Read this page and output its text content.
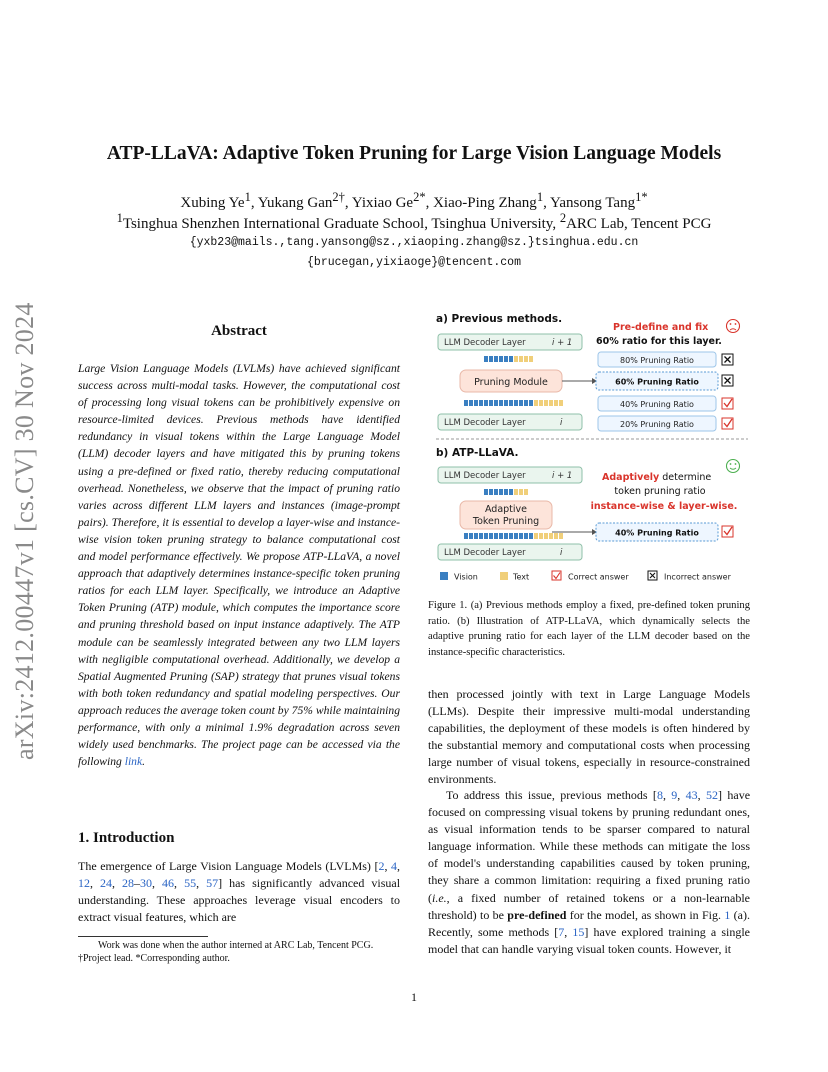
arXiv:2412.00447v1 [cs.CV] 30 Nov 2024
ATP-LLaVA: Adaptive Token Pruning for Large Vision Language Models
Xubing Ye$^1$, Yukang Gan$^{2\dagger}$, Yixiao $Ge^{2*}$, Xiao-Ping Zhang$^1$, Yansong Tang$^{1*}$
$^1$Tsinghua Shenzhen International Graduate School, Tsinghua University, $^2$ARC Lab, Tencent PCG
{yxb23@mails.,tang.yansong@sz.,xiaoping.zhang@sz.}tsinghua.edu.cn
{brucegan,yixiaoge}@tencent.com
Abstract
Large Vision Language Models (LVLMs) have achieved significant success across multi-modal tasks. However, the computational cost of processing long visual tokens can be prohibitively expensive on resource-limited devices. Previous methods have identified redundancy in visual tokens within the Large Language Model (LLM) decoder layers and have mitigated this by pruning tokens using a pre-defined or fixed ratio, thereby reducing computational overhead. Nonetheless, we observe that the impact of pruning ratio varies across different LLM layers and instances (image-prompt pairs). Therefore, it is essential to develop a layer-wise and instance-wise vision token pruning strategy to balance computational cost and model performance effectively. We propose ATP-LLaVA, a novel approach that adaptively determines instance-specific token pruning ratios for each LLM layer. Specifically, we introduce an Adaptive Token Pruning (ATP) module, which computes the importance score and pruning threshold based on input instance adaptively. The ATP module can be seamlessly integrated between any two LLM layers with negligible computational overhead. Additionally, we develop a Spatial Augmented Pruning (SAP) strategy that prunes visual tokens with both token redundancy and spatial modeling perspectives. Our approach reduces the average token count by 75% while maintaining performance, with only a minimal 1.9% degradation across seven widely used benchmarks. The project page can be accessed via the following link.
1. Introduction
The emergence of Large Vision Language Models (LVLMs) [2, 4, 12, 24, 28–30, 46, 55, 57] has significantly advanced visual understanding. These approaches leverage visual encoders to extract visual features, which are
Work was done when the author interned at ARC Lab, Tencent PCG.
†Project lead. *Corresponding author.
a) Previous methods.
LLM Decoder Layer	i + 1
Pruning Module
LLM Decoder Layer	i
Pre-define and fix
60% ratio for this layer.
80% Pruning Ratio
60% Pruning Ratio
40% Pruning Ratio
20% Pruning Ratio
b) ATP-LLaVA.
LLM Decoder Layer	i + 1
Adaptive
Token Pruning
LLM Decoder Layer	i
Adaptively determine
token pruning ratio
instance-wise & layer-wise.
40% Pruning Ratio
Vision	Text	Correct answer	Incorrect answer
Figure 1. (a) Previous methods employ a fixed, pre-defined token pruning ratio. (b) Illustration of ATP-LLaVA, which dynamically selects the adaptive pruning ratio for each layer of the LLM decoder based on the instance-specific characteristics.
then processed jointly with text in Large Language Models (LLMs). Despite their impressive multi-modal understanding capabilities, the deployment of these models is often hindered by the substantial memory and computational costs when processing large number of visual tokens, especially in resource-constrained environments.
To address this issue, previous methods [8, 9, 43, 52] have focused on compressing visual tokens by pruning redundant ones, as visual information tends to be sparser compared to natural language information. While these methods can mitigate the loss of model's understanding capabilities caused by token pruning, they share a common limitation: requiring a fixed pruning ratio (i.e., a fixed number of retained tokens or a non-learnable threshold) to be pre-defined for the model, as shown in Fig. 1 (a). Recently, some methods [7, 15] have explored training a single model that can handle varying visual token counts. However, it
1
